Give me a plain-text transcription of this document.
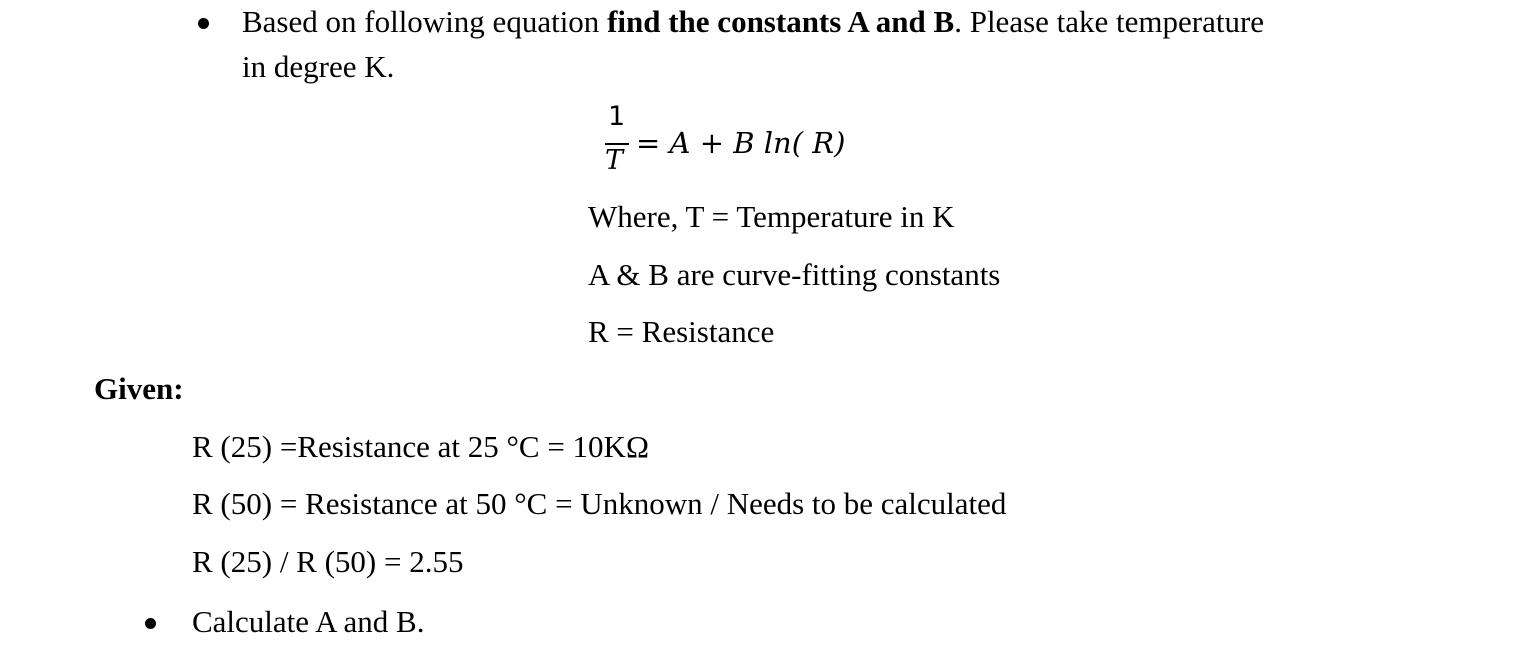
Based on following equation find the constants A and B. Please take temperature
in degree K.
1
T
= A + B ln( R)
Where, T = Temperature in K
A & B are curve-fitting constants
R = Resistance
Given:
R (25) =Resistance at 25 °C = 10KΩ
R (50) = Resistance at 50 °C = Unknown / Needs to be calculated
R (25) / R (50) = 2.55
Calculate A and B.
